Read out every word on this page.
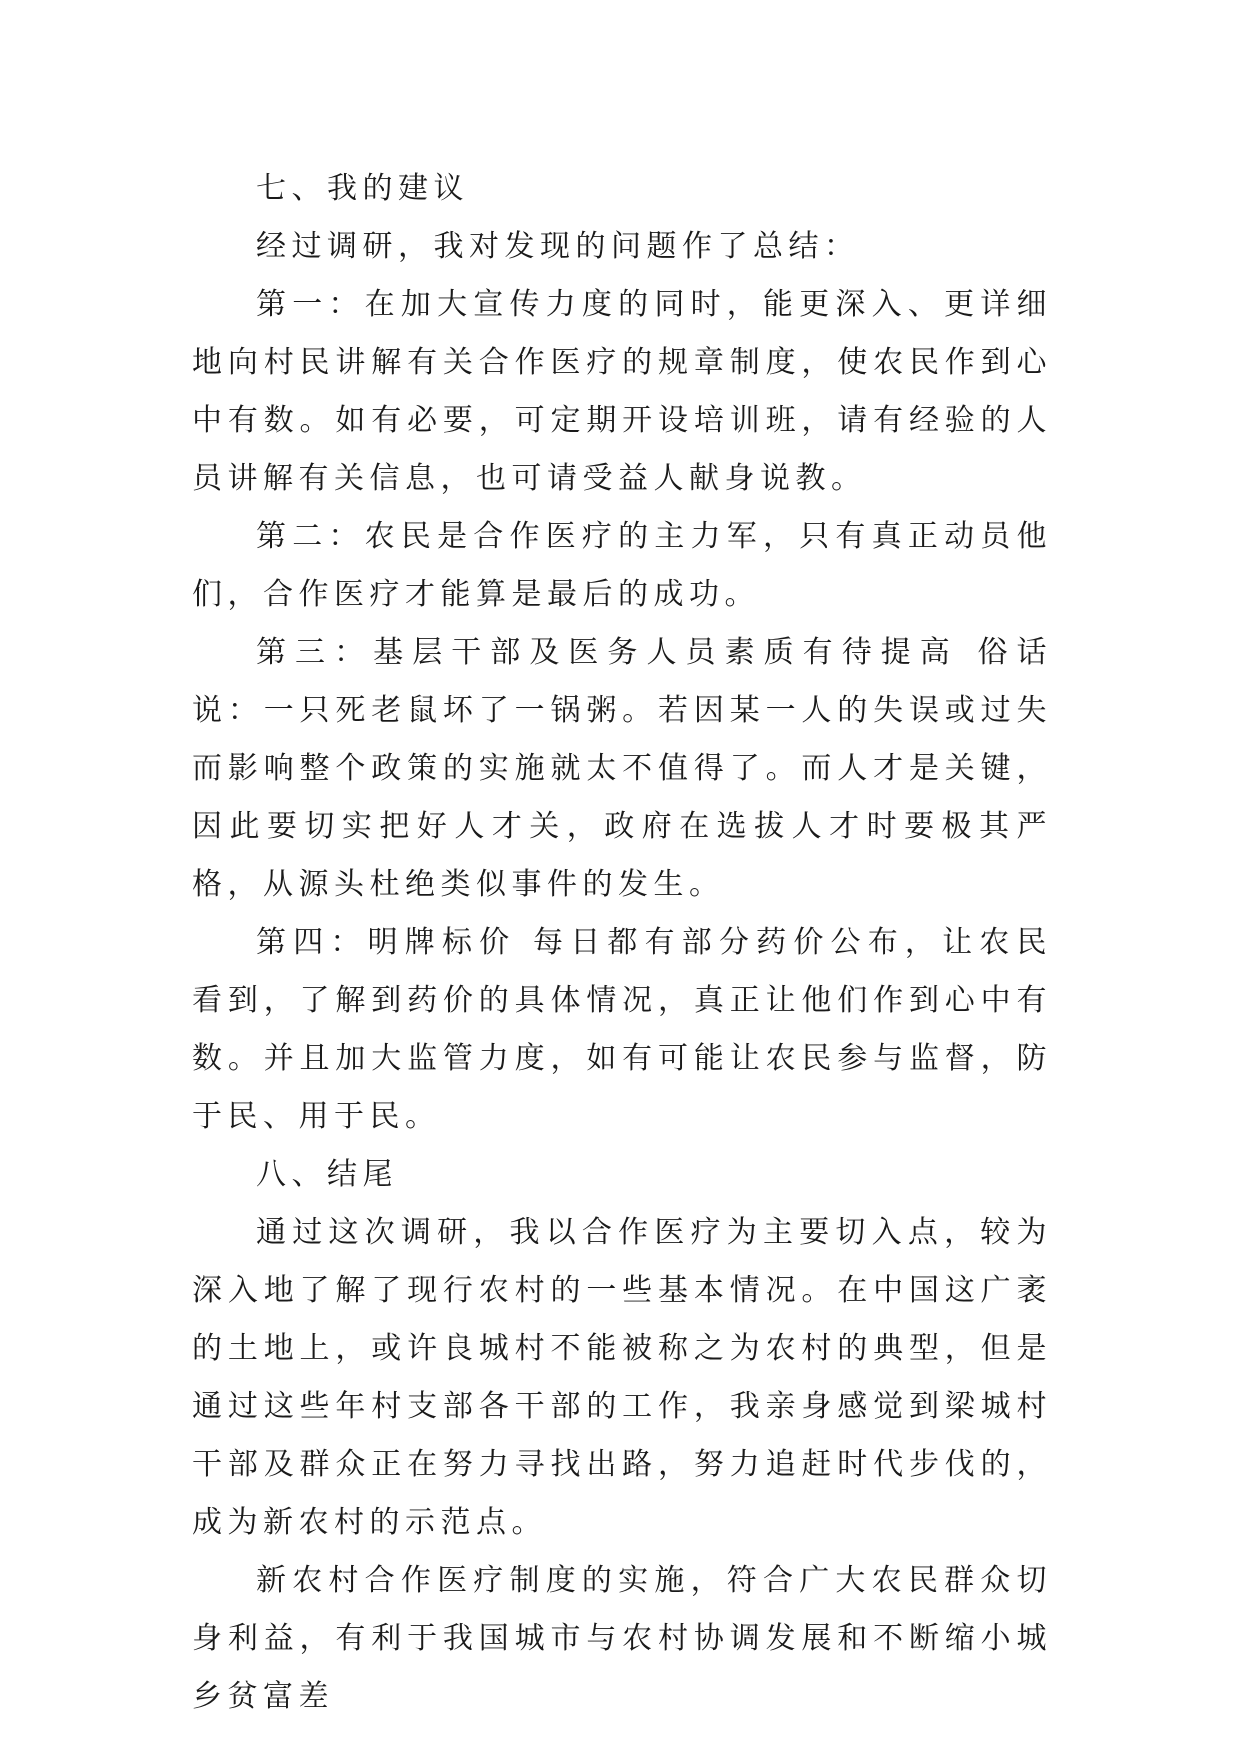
七、我的建议

经过调研，我对发现的问题作了总结：

第一：在加大宣传力度的同时，能更深入、更详细地向村民讲解有关合作医疗的规章制度，使农民作到心中有数。如有必要，可定期开设培训班，请有经验的人员讲解有关信息，也可请受益人献身说教。

第二：农民是合作医疗的主力军，只有真正动员他们，合作医疗才能算是最后的成功。

第三：基层干部及医务人员素质有待提高 俗话说：一只死老鼠坏了一锅粥。若因某一人的失误或过失而影响整个政策的实施就太不值得了。而人才是关键，因此要切实把好人才关，政府在选拔人才时要极其严格，从源头杜绝类似事件的发生。

第四：明牌标价 每日都有部分药价公布，让农民看到，了解到药价的具体情况，真正让他们作到心中有数。并且加大监管力度，如有可能让农民参与监督，防于民、用于民。

八、结尾

通过这次调研，我以合作医疗为主要切入点，较为深入地了解了现行农村的一些基本情况。在中国这广袤的土地上，或许良城村不能被称之为农村的典型，但是通过这些年村支部各干部的工作，我亲身感觉到梁城村干部及群众正在努力寻找出路，努力追赶时代步伐的，成为新农村的示范点。

新农村合作医疗制度的实施，符合广大农民群众切身利益，有利于我国城市与农村协调发展和不断缩小城乡贫富差
